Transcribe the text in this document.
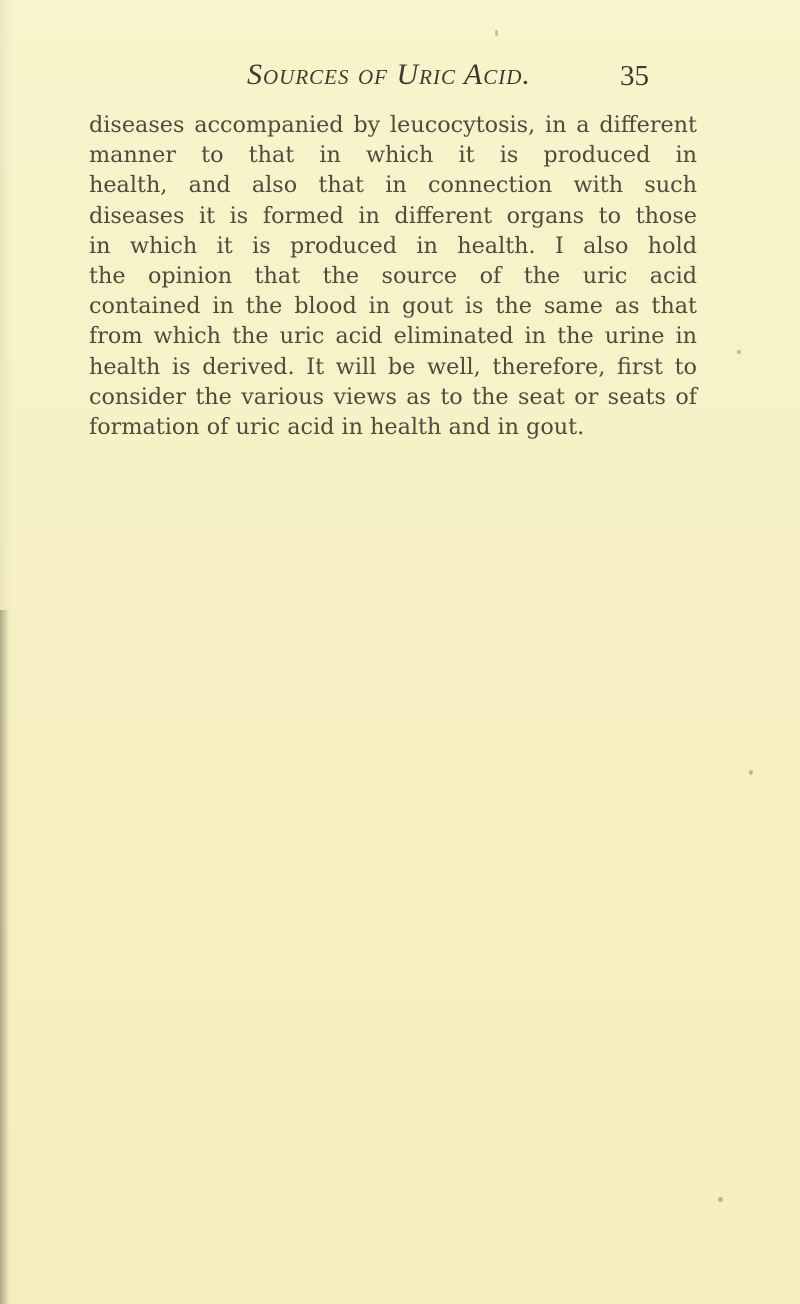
Sources of Uric Acid.	35

diseases accompanied by leucocytosis, in a different
manner to that in which it is produced in
health, and also that in connection with such
diseases it is formed in different organs to those
in which it is produced in health. I also hold
the opinion that the source of the uric acid
contained in the blood in gout is the same as that
from which the uric acid eliminated in the urine in
health is derived. It will be well, therefore, first to
consider the various views as to the seat or seats of
formation of uric acid in health and in gout.
